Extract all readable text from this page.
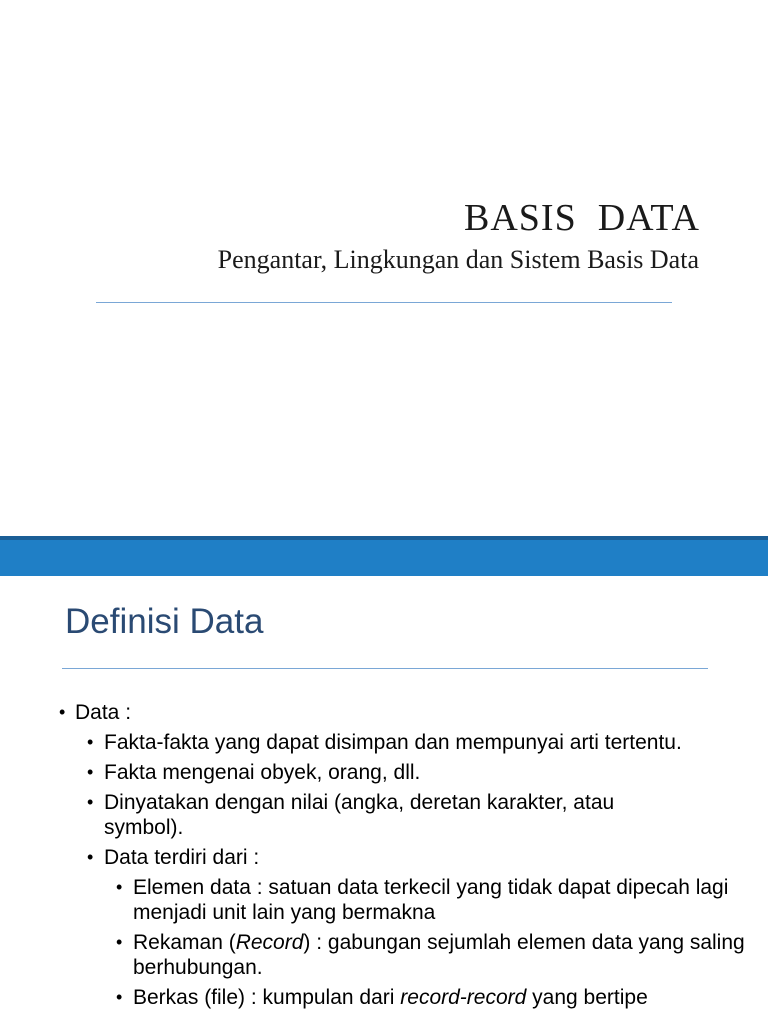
BASIS  DATA

Pengantar, Lingkungan dan Sistem Basis Data

Definisi Data
• Data :
• Fakta-fakta yang dapat disimpan dan mempunyai arti tertentu.
• Fakta mengenai obyek, orang, dll.
• Dinyatakan dengan nilai (angka, deretan karakter, atau symbol).
• Data terdiri dari :
• Elemen data : satuan data terkecil yang tidak dapat dipecah lagi menjadi unit lain yang bermakna
• Rekaman (Record) : gabungan sejumlah elemen data yang saling berhubungan.
• Berkas (file) : kumpulan dari record-record yang bertipe
